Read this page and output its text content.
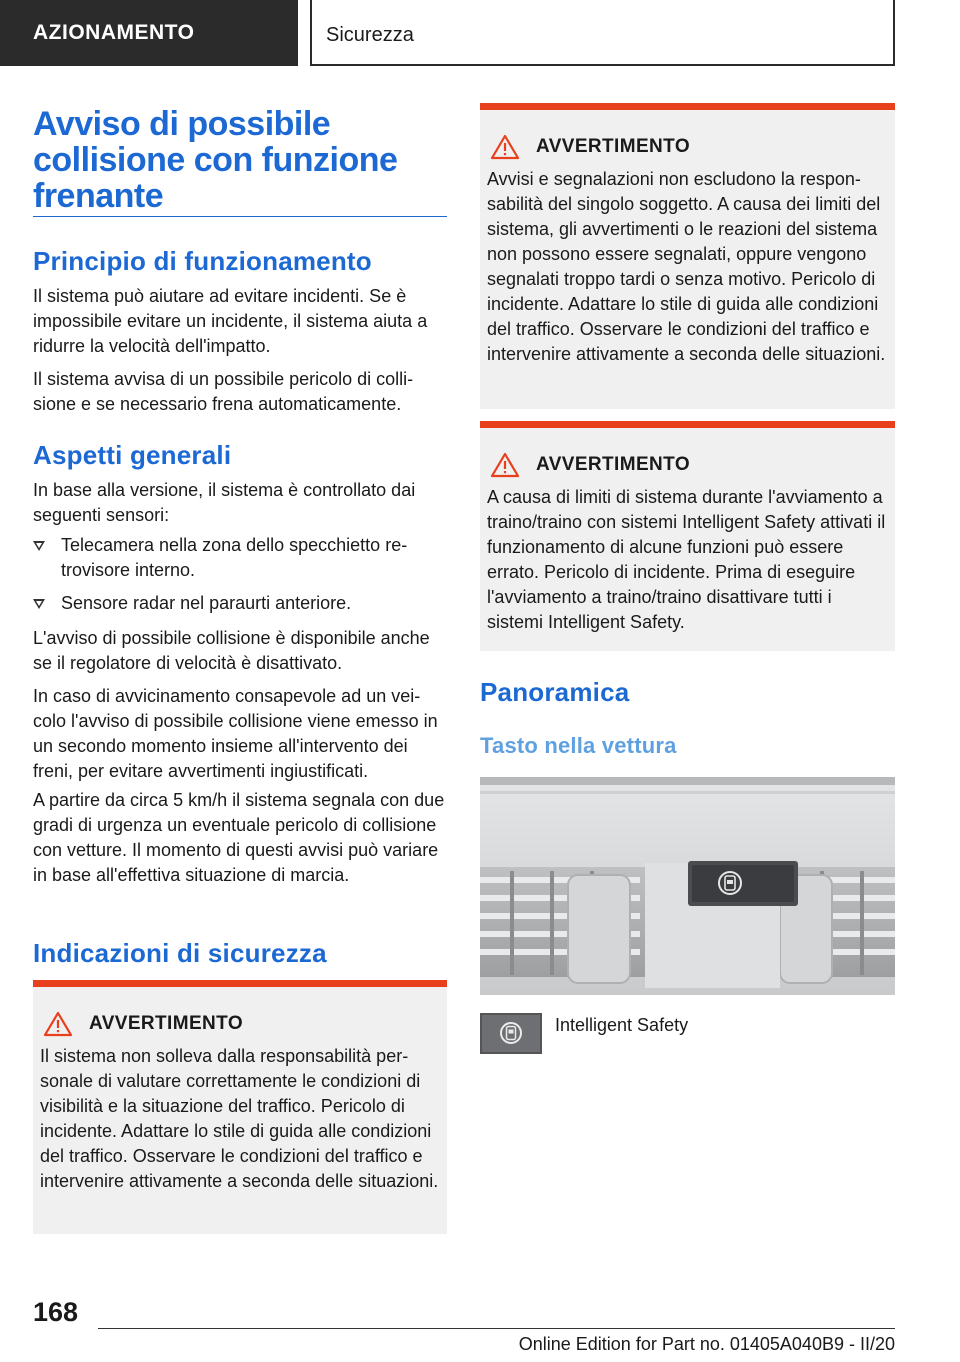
AZIONAMENTO	Sicurezza
Avviso di possibile collisione con funzione frenante
Principio di funzionamento

Il sistema può aiutare ad evitare incidenti. Se è impossibile evitare un incidente, il sistema aiuta a ridurre la velocità dell'impatto.

Il sistema avvisa di un possibile pericolo di collisione e se necessario frena automaticamente.

Aspetti generali

In base alla versione, il sistema è controllato dai seguenti sensori:

Telecamera nella zona dello specchietto retrovisore interno.
Sensore radar nel paraurti anteriore.

L'avviso di possibile collisione è disponibile anche se il regolatore di velocità è disattivato.

In caso di avvicinamento consapevole ad un veicolo l'avviso di possibile collisione viene emesso in un secondo momento insieme all'intervento dei freni, per evitare avvertimenti ingiustificati.

A partire da circa 5 km/h il sistema segnala con due gradi di urgenza un eventuale pericolo di collisione con vetture. Il momento di questi avvisi può variare in base all'effettiva situazione di marcia.

Indicazioni di sicurezza
AVVERTIMENTO
Il sistema non solleva dalla responsabilità personale di valutare correttamente le condizioni di visibilità e la situazione del traffico. Pericolo di incidente. Adattare lo stile di guida alle condizioni del traffico. Osservare le condizioni del traffico e intervenire attivamente a seconda delle situazioni.
AVVERTIMENTO
Avvisi e segnalazioni non escludono la responsabilità del singolo soggetto. A causa dei limiti del sistema, gli avvertimenti o le reazioni del sistema non possono essere segnalati, oppure vengono segnalati troppo tardi o senza motivo. Pericolo di incidente. Adattare lo stile di guida alle condizioni del traffico. Osservare le condizioni del traffico e intervenire attivamente a seconda delle situazioni.
AVVERTIMENTO
A causa di limiti di sistema durante l'avviamento a traino/traino con sistemi Intelligent Safety attivati il funzionamento di alcune funzioni può essere errato. Pericolo di incidente. Prima di eseguire l'avviamento a traino/traino disattivare tutti i sistemi Intelligent Safety.
Panoramica
Tasto nella vettura

Intelligent Safety

168
Online Edition for Part no. 01405A040B9 - II/20
